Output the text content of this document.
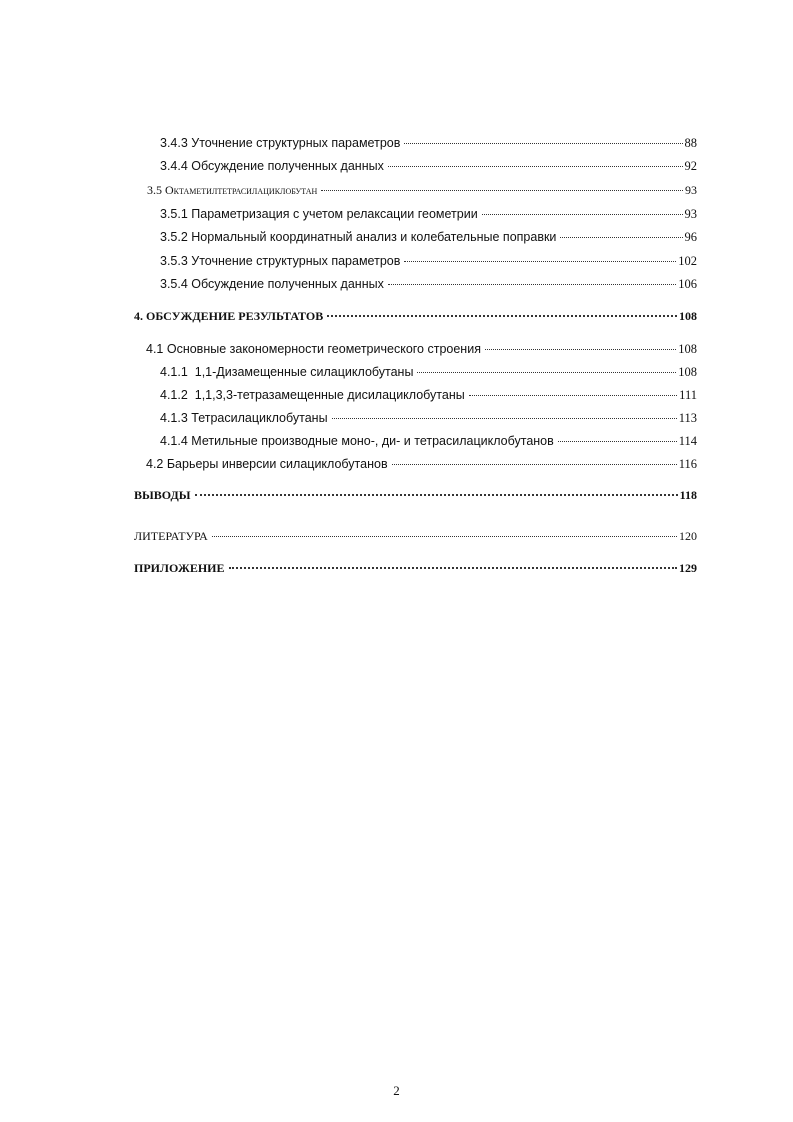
3.4.3 Уточнение структурных параметров	88
3.4.4 Обсуждение полученных данных	92
3.5 Октаметилтетрасилациклобутан	93
3.5.1 Параметризация с учетом релаксации геометрии	93
3.5.2 Нормальный координатный анализ и колебательные поправки	96
3.5.3 Уточнение структурных параметров	102
3.5.4 Обсуждение полученных данных	106
4. ОБСУЖДЕНИЕ РЕЗУЛЬТАТОВ	108
4.1 Основные закономерности геометрического строения	108
4.1.1  1,1-Дизамещенные силациклобутаны	108
4.1.2  1,1,3,3-тетразамещенные дисилациклобутаны	111
4.1.3 Тетрасилациклобутаны	113
4.1.4 Метильные производные моно-, ди- и тетрасилациклобутанов	114
4.2 Барьеры инверсии силациклобутанов	116
ВЫВОДЫ	118
ЛИТЕРАТУРА	120
ПРИЛОЖЕНИЕ	129
2
